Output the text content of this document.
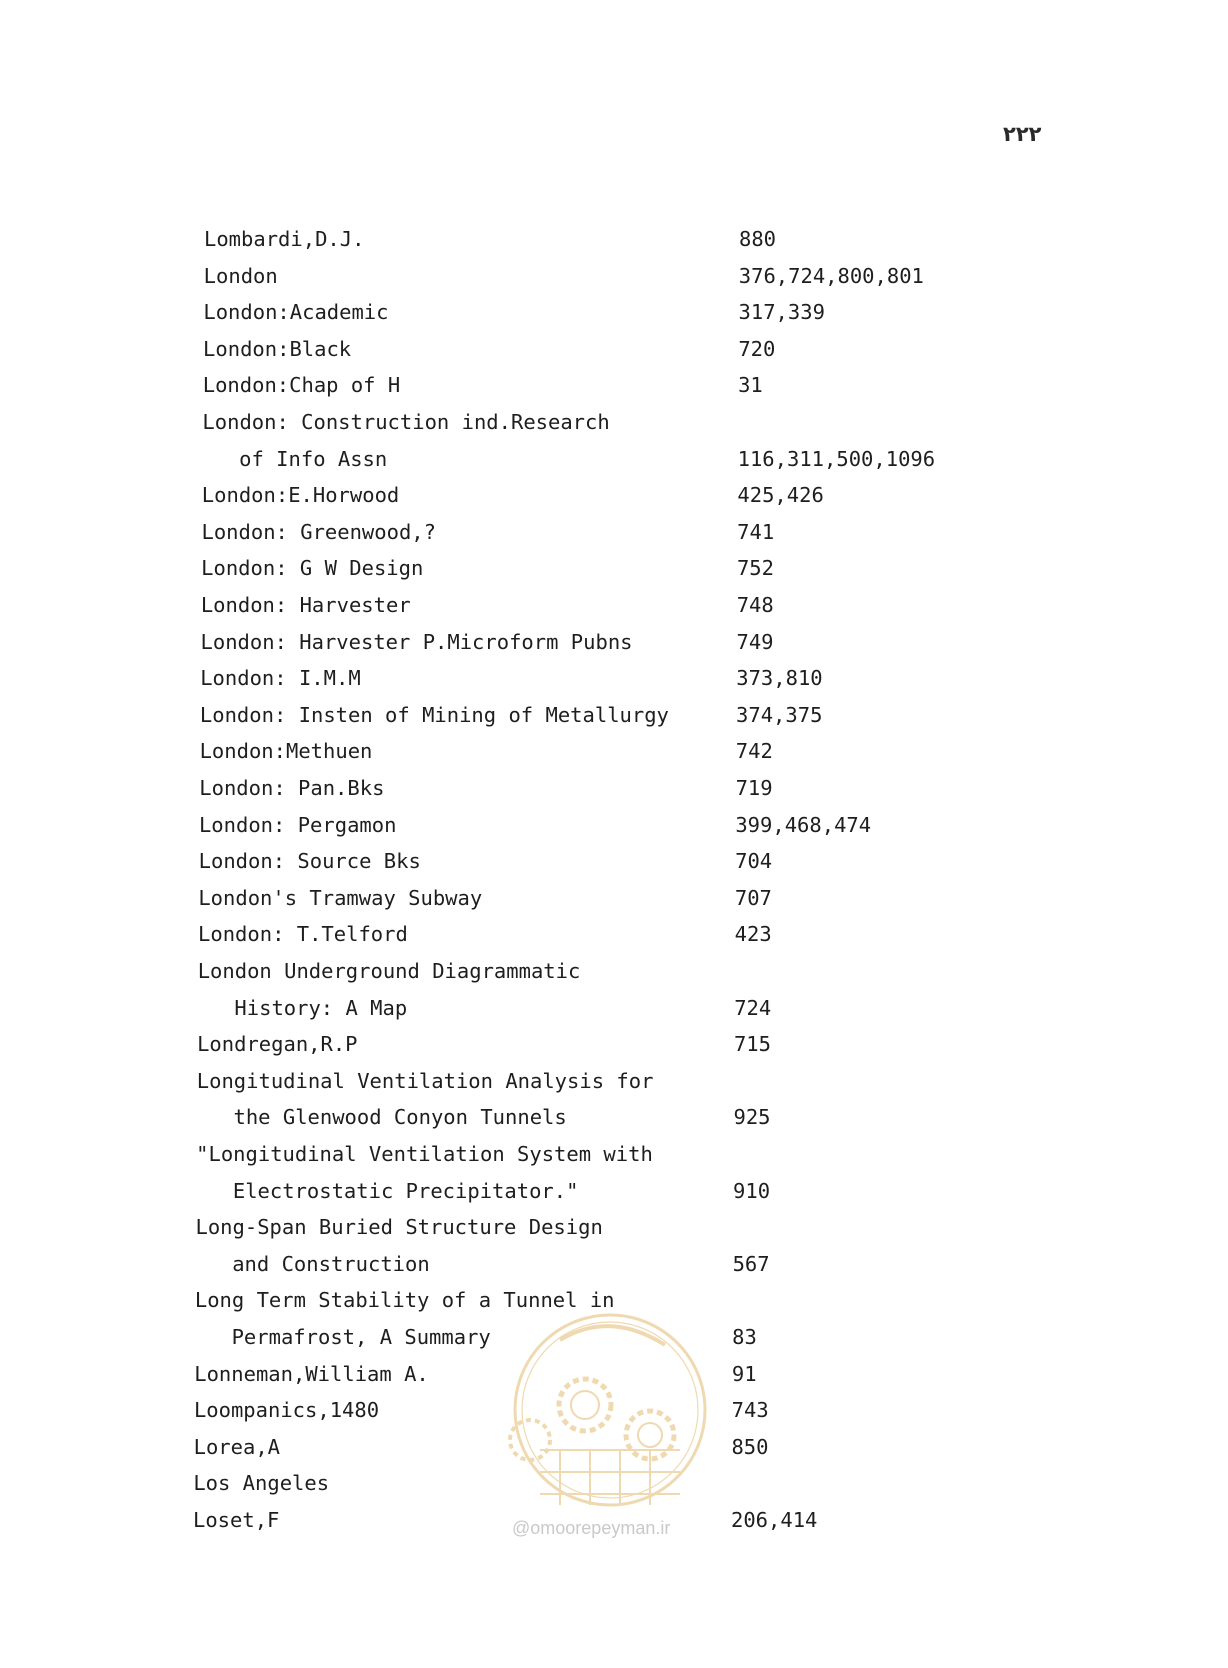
۲۲۲
Lombardi,D.J.	880
London	376,724,800,801
London:Academic	317,339
London:Black	720
London:Chap of H	31
London: Construction ind.Research
of Info Assn	116,311,500,1096
London:E.Horwood	425,426
London: Greenwood,?	741
London: G W Design	752
London: Harvester	748
London: Harvester P.Microform Pubns	749
London: I.M.M	373,810
London: Insten of Mining of Metallurgy	374,375
London:Methuen	742
London: Pan.Bks	719
London: Pergamon	399,468,474
London: Source Bks	704
London's Tramway Subway	707
London: T.Telford	423
London Underground Diagrammatic
History: A Map	724
Londregan,R.P	715
Longitudinal Ventilation Analysis for
the Glenwood Conyon Tunnels	925
"Longitudinal Ventilation System with
Electrostatic Precipitator."	910
Long-Span Buried Structure Design
and Construction	567
Long Term Stability of a Tunnel in
Permafrost, A Summary	83
Lonneman,William A.	91
Loompanics,1480	743
Lorea,A	850
Los Angeles
Loset,F	206,414
@omoorepeyman.ir
